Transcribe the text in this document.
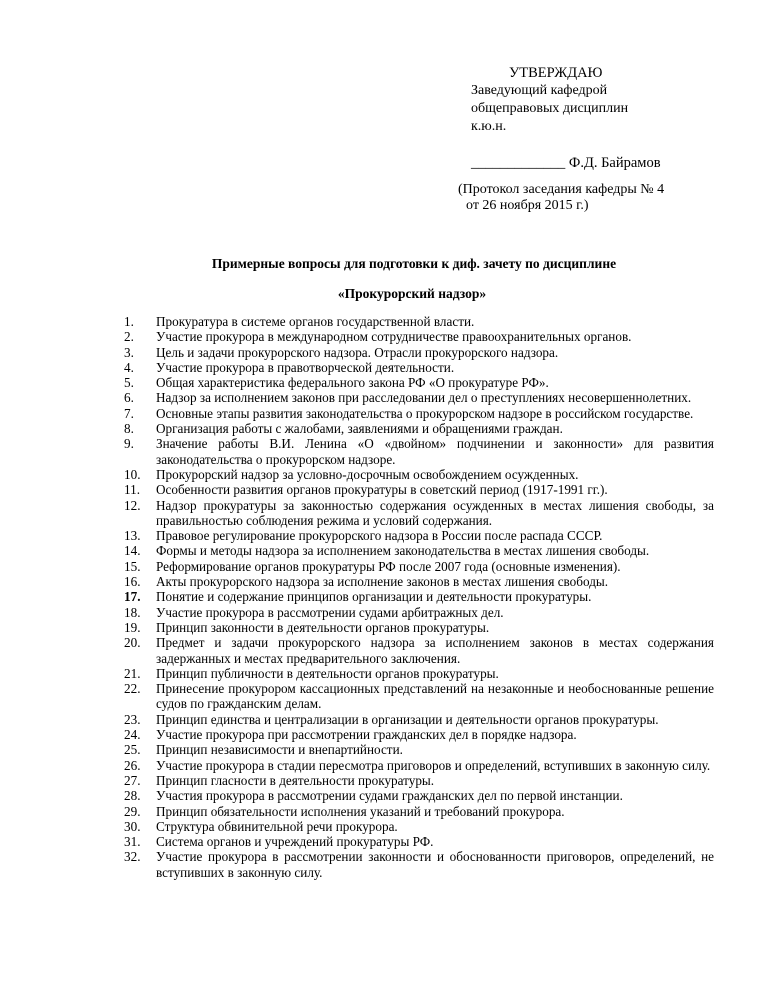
УТВЕРЖДАЮ
Заведующий кафедрой
общеправовых дисциплин
к.ю.н.
_____________ Ф.Д. Байрамов
(Протокол заседания кафедры № 4
от 26 ноября 2015 г.)
Примерные вопросы для подготовки к диф. зачету по дисциплине
«Прокурорский надзор»
1.	Прокуратура в системе органов государственной власти.
2.	Участие прокурора в международном сотрудничестве правоохранительных органов.
3.	Цель и задачи прокурорского надзора. Отрасли прокурорского надзора.
4.	Участие прокурора в правотворческой деятельности.
5.	Общая характеристика федерального закона РФ «О прокуратуре РФ».
6.	Надзор за исполнением законов при расследовании дел о преступлениях несовершеннолетних.
7.	Основные этапы развития законодательства о прокурорском надзоре в российском государстве.
8.	Организация работы с жалобами, заявлениями и обращениями граждан.
9.	Значение работы В.И. Ленина «О «двойном» подчинении и законности» для развития законодательства о прокурорском надзоре.
10.	Прокурорский надзор за условно-досрочным освобождением осужденных.
11.	Особенности развития органов прокуратуры в советский период (1917-1991 гг.).
12.	Надзор прокуратуры за законностью содержания осужденных в местах лишения свободы, за правильностью соблюдения режима и условий содержания.
13.	Правовое регулирование прокурорского надзора в России после распада СССР.
14.	Формы и методы надзора за исполнением законодательства в местах лишения свободы.
15.	Реформирование органов прокуратуры РФ после 2007 года (основные изменения).
16.	Акты прокурорского надзора за исполнение законов в местах лишения свободы.
17.	Понятие и содержание принципов организации и деятельности прокуратуры.
18.	Участие прокурора в рассмотрении судами арбитражных дел.
19.	Принцип законности в деятельности органов прокуратуры.
20.	Предмет и задачи прокурорского надзора за исполнением законов в местах содержания задержанных и местах предварительного заключения.
21.	Принцип публичности в деятельности органов прокуратуры.
22.	Принесение прокурором кассационных представлений на незаконные и необоснованные решение судов по гражданским делам.
23.	Принцип единства и централизации в организации и деятельности органов прокуратуры.
24.	Участие прокурора при рассмотрении гражданских дел в порядке надзора.
25.	Принцип независимости и внепартийности.
26.	Участие прокурора в стадии пересмотра приговоров и определений, вступивших в законную силу.
27.	Принцип гласности в деятельности прокуратуры.
28.	Участия прокурора в рассмотрении судами гражданских дел по первой инстанции.
29.	Принцип обязательности исполнения указаний и требований прокурора.
30.	Структура обвинительной речи прокурора.
31.	Система органов и учреждений прокуратуры РФ.
32.	Участие прокурора в рассмотрении законности и обоснованности приговоров, определений, не вступивших в законную силу.
